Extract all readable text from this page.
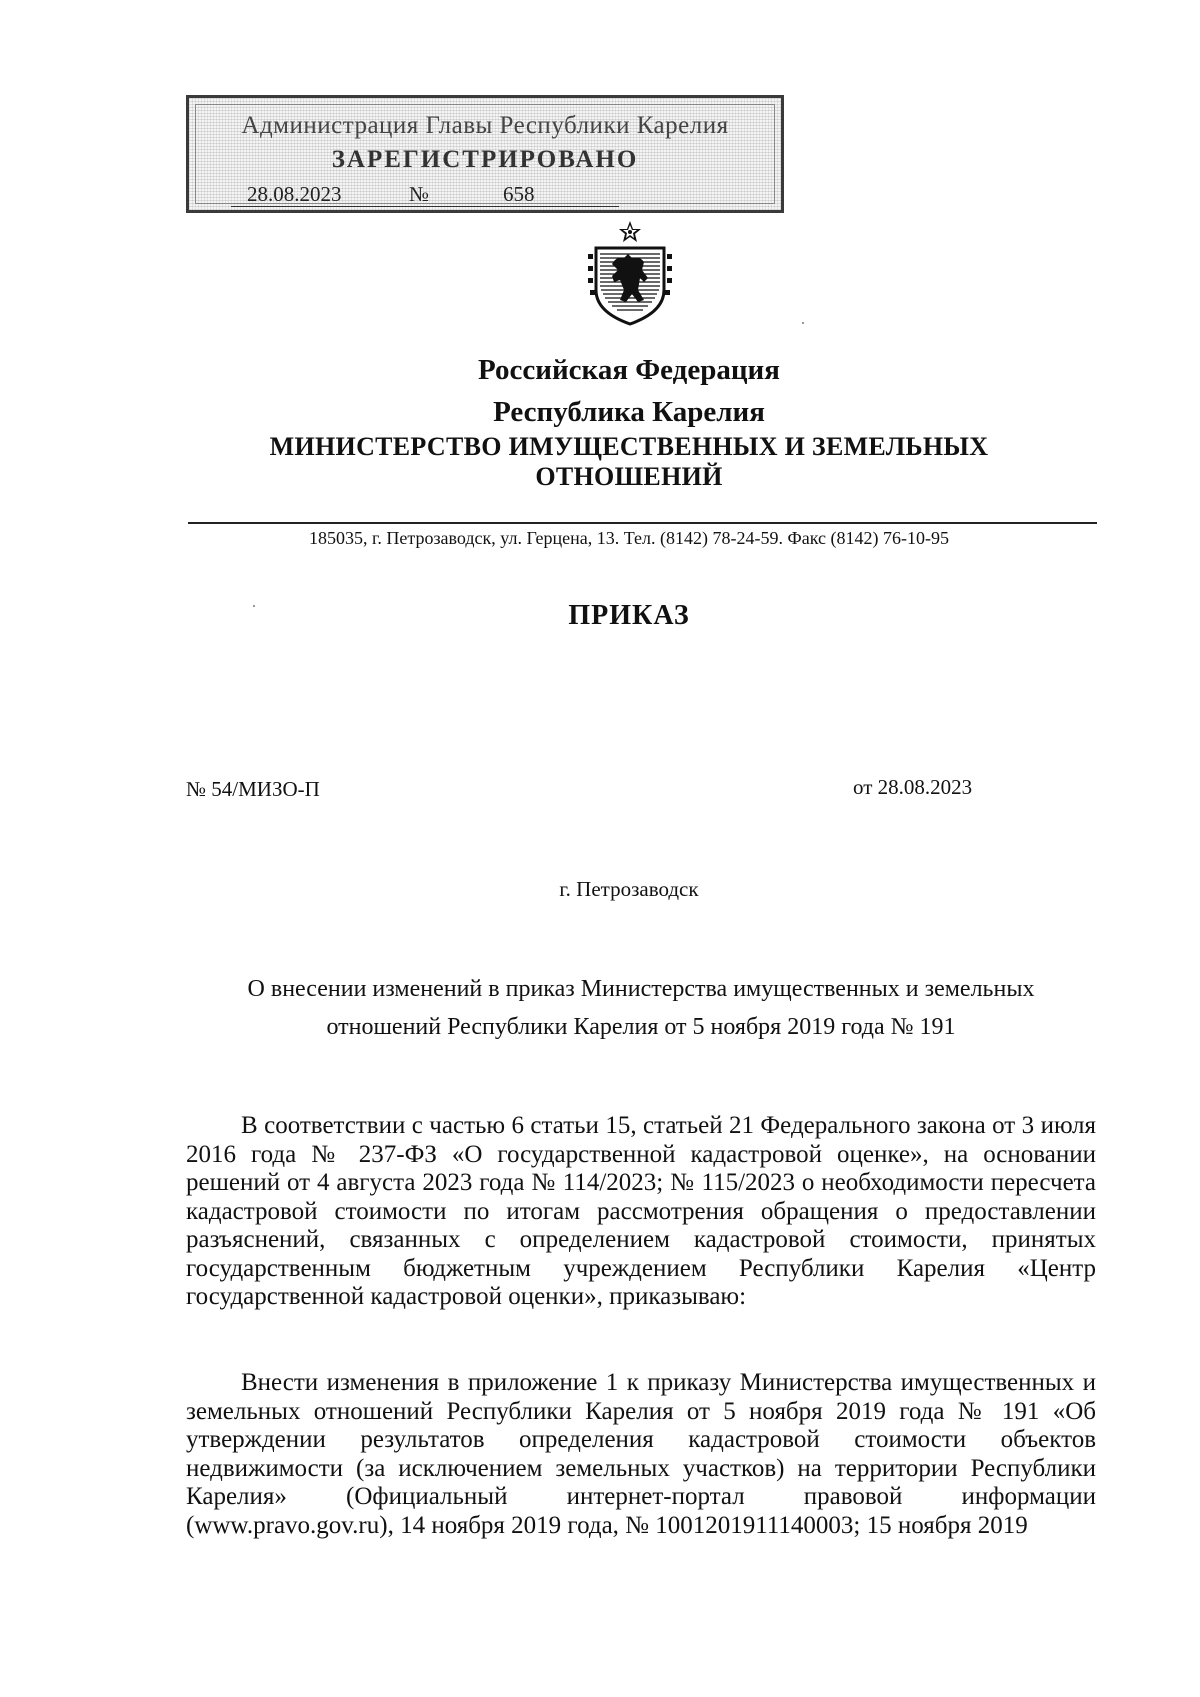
Администрация Главы Республики Карелия
ЗАРЕГИСТРИРОВАНО
28.08.2023	№	658
Российская Федерация
Республика Карелия
МИНИСТЕРСТВО ИМУЩЕСТВЕННЫХ И ЗЕМЕЛЬНЫХ
ОТНОШЕНИЙ
185035, г. Петрозаводск, ул. Герцена, 13. Тел. (8142) 78-24-59. Факс (8142) 76-10-95
ПРИКАЗ
№ 54/МИЗО-П	от 28.08.2023
г. Петрозаводск
О внесении изменений в приказ Министерства имущественных и земельных
отношений Республики Карелия от 5 ноября 2019 года № 191

В соответствии с частью 6 статьи 15, статьей 21 Федерального закона от 3 июля 2016 года № 237-ФЗ «О государственной кадастровой оценке», на основании решений от 4 августа 2023 года № 114/2023; № 115/2023 о необходимости пересчета кадастровой стоимости по итогам рассмотрения обращения о предоставлении разъяснений, связанных с определением кадастровой стоимости, принятых государственным бюджетным учреждением Республики Карелия «Центр государственной кадастровой оценки», приказываю:

Внести изменения в приложение 1 к приказу Министерства имущественных и земельных отношений Республики Карелия от 5 ноября 2019 года № 191 «Об утверждении результатов определения кадастровой стоимости объектов недвижимости (за исключением земельных участков) на территории Республики Карелия» (Официальный интернет-портал правовой информации (www.pravo.gov.ru), 14 ноября 2019 года, № 1001201911140003; 15 ноября 2019
